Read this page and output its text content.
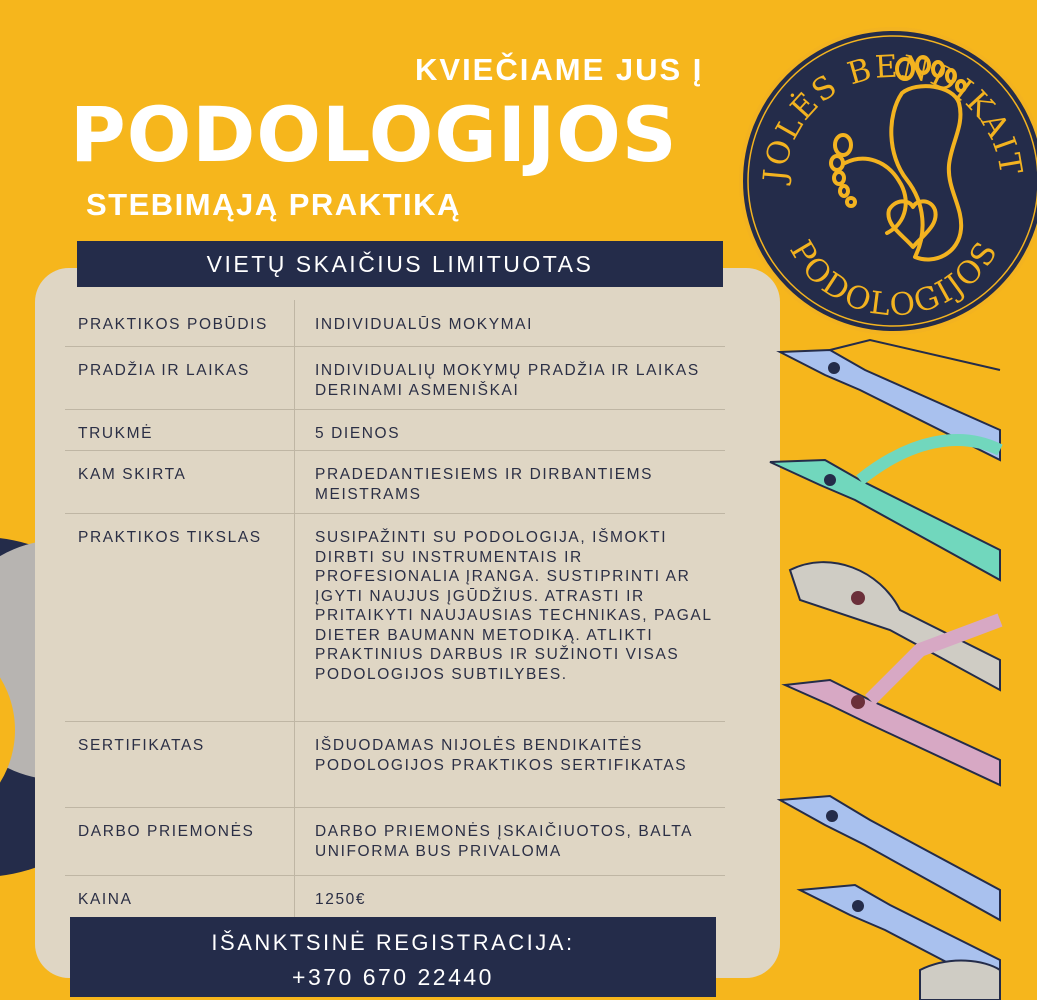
KVIEČIAME JUS Į
PODOLOGIJOS
STEBIMĄJĄ PRAKTIKĄ
VIETŲ SKAIČIUS LIMITUOTAS
PRAKTIKOS POBŪDIS	INDIVIDUALŪS MOKYMAI
PRADŽIA IR LAIKAS	INDIVIDUALIŲ MOKYMŲ PRADŽIA IR LAIKAS DERINAMI ASMENIŠKAI
TRUKMĖ	5 DIENOS
KAM SKIRTA	PRADEDANTIESIEMS IR DIRBANTIEMS MEISTRAMS
PRAKTIKOS TIKSLAS	SUSIPAŽINTI SU PODOLOGIJA, IŠMOKTI DIRBTI SU INSTRUMENTAIS IR PROFESIONALIA ĮRANGA. SUSTIPRINTI AR ĮGYTI NAUJUS ĮGŪDŽIUS. ATRASTI IR PRITAIKYTI NAUJAUSIAS TECHNIKAS, PAGAL DIETER BAUMANN METODIKĄ. ATLIKTI PRAKTINIUS DARBUS IR SUŽINOTI VISAS PODOLOGIJOS SUBTILYBES.
SERTIFIKATAS	IŠDUODAMAS NIJOLĖS BENDIKAITĖS PODOLOGIJOS PRAKTIKOS SERTIFIKATAS
DARBO PRIEMONĖS	DARBO PRIEMONĖS ĮSKAIČIUOTOS, BALTA UNIFORMA BUS PRIVALOMA
KAINA	1250€
IŠANKTSINĖ REGISTRACIJA:
+370 670 22440
JOLĖS BENDIKAIT
PODOLOGIJOS
